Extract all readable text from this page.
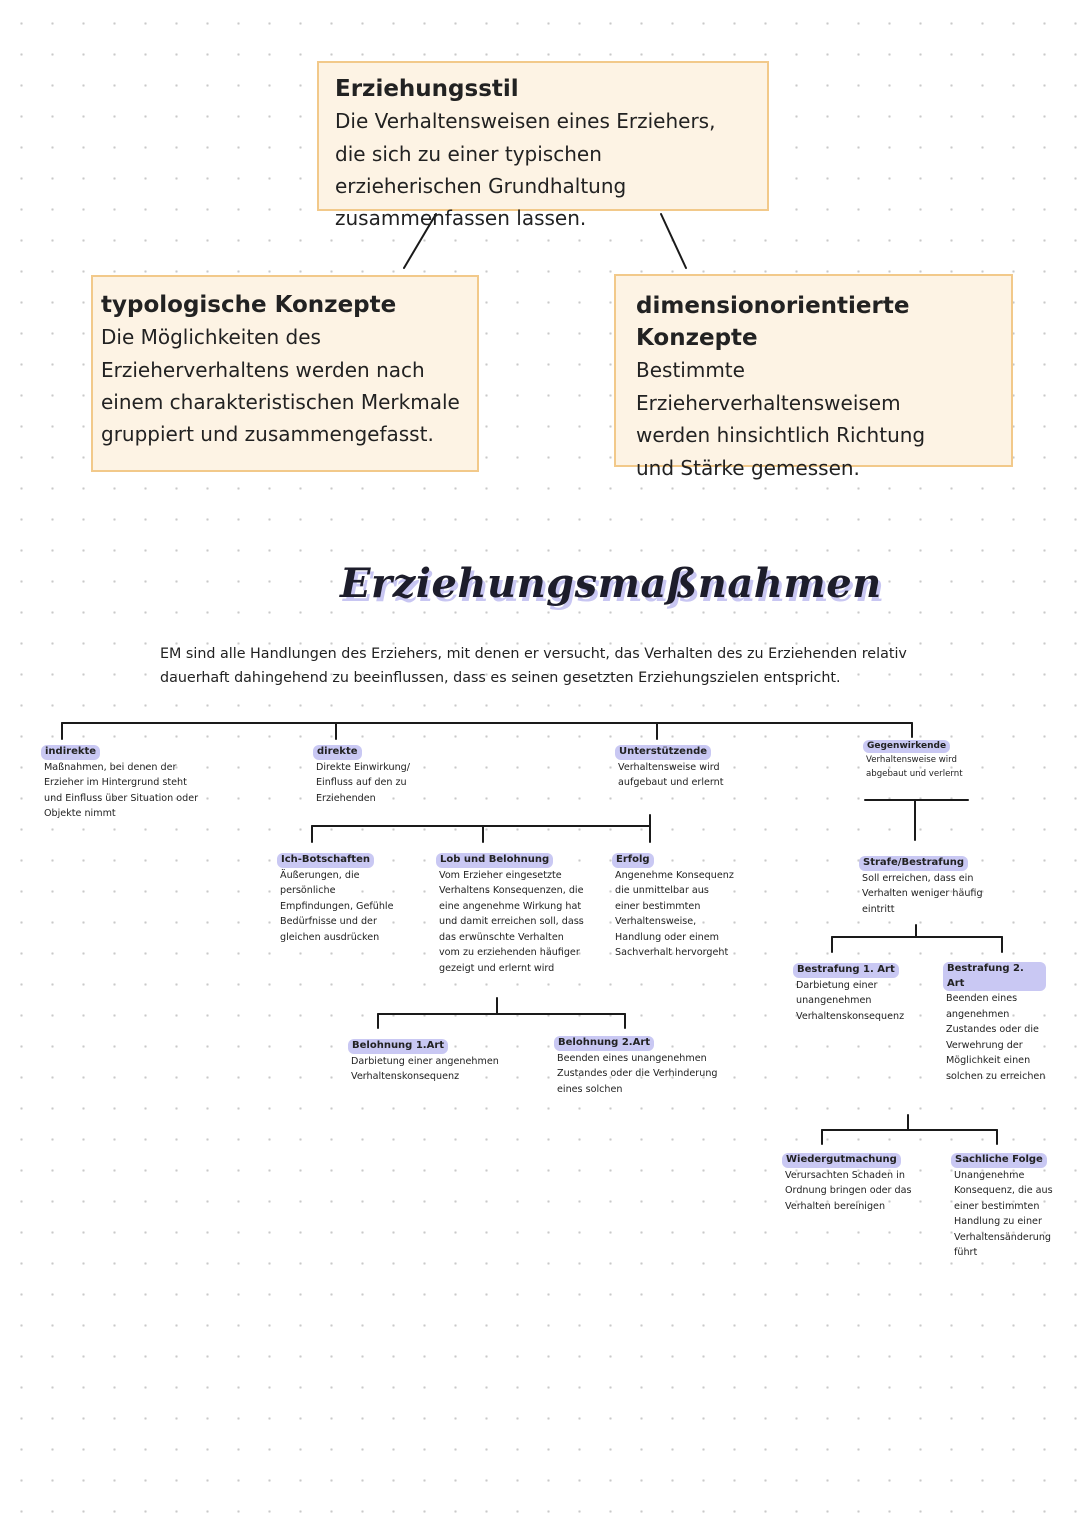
Erziehungsstil
Die Verhaltensweisen eines Erziehers, die sich zu einer typischen erzieherischen Grundhaltung zusammenfassen lassen.
typologische Konzepte
Die Möglichkeiten des Erzieherverhaltens werden nach einem charakteristischen Merkmale gruppiert und zusammengefasst.
dimensionorientierte Konzepte
Bestimmte Erzieherverhaltensweisem werden hinsichtlich Richtung und Stärke gemessen.
Erziehungsmaßnahmen
EM sind alle Handlungen des Erziehers, mit denen er versucht, das Verhalten des zu Erziehenden relativ dauerhaft dahingehend zu beeinflussen, dass es seinen gesetzten Erziehungszielen entspricht.
indirekte
Maßnahmen, bei denen der Erzieher im Hintergrund steht und Einfluss über Situation oder Objekte nimmt
direkte
Direkte Einwirkung/ Einfluss auf den zu Erziehenden
Unterstützende
Verhaltensweise wird aufgebaut und erlernt
Gegenwirkende
Verhaltensweise wird abgebaut und verlernt
Ich-Botschaften
Äußerungen, die persönliche Empfindungen, Gefühle Bedürfnisse und der gleichen ausdrücken
Lob und Belohnung
Vom Erzieher eingesetzte Verhaltens Konsequenzen, die eine angenehme Wirkung hat und damit erreichen soll, dass das erwünschte Verhalten vom zu erziehenden häufiger gezeigt und erlernt wird
Erfolg
Angenehme Konsequenz die unmittelbar aus einer bestimmten Verhaltensweise, Handlung oder einem Sachverhalt hervorgeht
Strafe/Bestrafung
Soll erreichen, dass ein Verhalten weniger häufig eintritt
Bestrafung 1. Art
Darbietung einer unangenehmen Verhaltenskonsequenz
Bestrafung 2. Art
Beenden eines angenehmen Zustandes oder die Verwehrung der Möglichkeit einen solchen zu erreichen
Belohnung 1.Art
Darbietung einer angenehmen Verhaltenskonsequenz
Belohnung 2.Art
Beenden eines unangenehmen Zustandes oder die Verhinderung eines solchen
Wiedergutmachung
Verursachten Schaden in Ordnung bringen oder das Verhalten bereinigen
Sachliche Folge
Unangenehme Konsequenz, die aus einer bestimmten Handlung zu einer Verhaltensänderung führt
